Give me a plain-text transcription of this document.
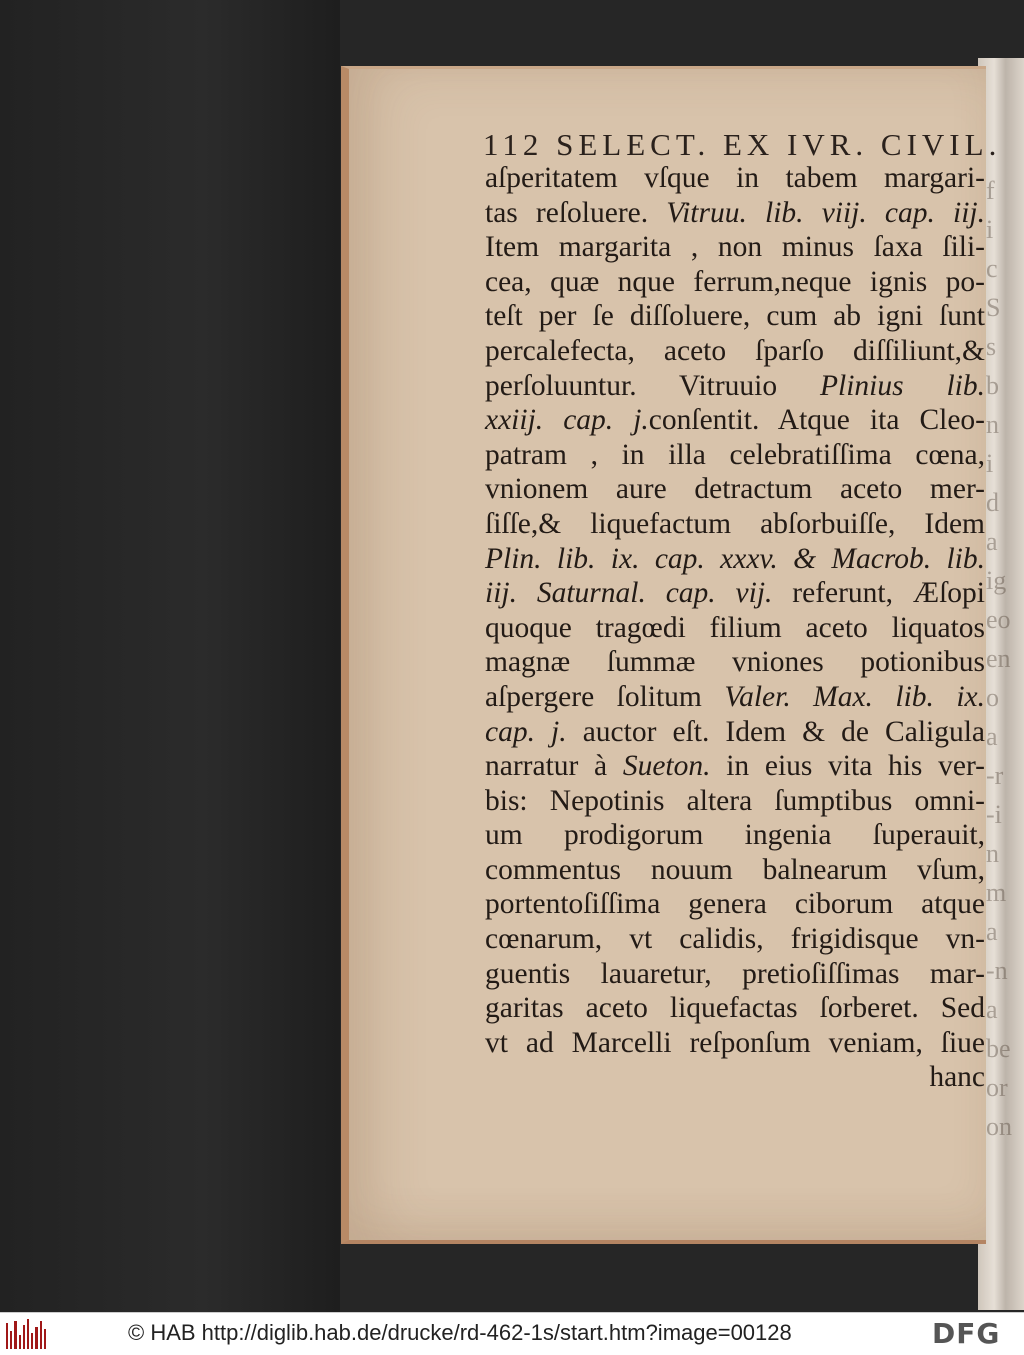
f
i
c
S
s
b
n
i
d
a
ig
eo
en
o
a
-r
-i
n
m
a
-n
a
be
or
on
112 SELECT. EX IVR. CIVIL.
aſperitatem vſque in tabem margari-
tas reſoluere. Vitruu. lib. viij. cap. iij.
Item margarita , non minus ſaxa ſili-
cea, quæ nque ferrum,neque ignis po-
teſt per ſe diſſoluere, cum ab igni ſunt
percalefecta, aceto ſparſo diſſiliunt,&
perſoluuntur. Vitruuio Plinius lib.
xxiij. cap. j.conſentit. Atque ita Cleo-
patram , in illa celebratiſſima cœna,
vnionem aure detractum aceto mer-
ſiſſe,& liquefactum abſorbuiſſe, Idem
Plin. lib. ix. cap. xxxv. & Macrob. lib.
iij. Saturnal. cap. vij. referunt, Æſopi
quoque tragœdi filium aceto liquatos
magnæ ſummæ vniones potionibus
aſpergere ſolitum Valer. Max. lib. ix.
cap. j. auctor eſt. Idem & de Caligula
narratur à Sueton. in eius vita his ver-
bis: Nepotinis altera ſumptibus omni-
um prodigorum ingenia ſuperauit,
commentus nouum balnearum vſum,
portentoſiſſima genera ciborum atque
cœnarum, vt calidis, frigidisque vn-
guentis lauaretur, pretioſiſſimas mar-
garitas aceto liquefactas ſorberet. Sed
vt ad Marcelli reſponſum veniam, ſiue
hanc
© HAB http://diglib.hab.de/drucke/rd-462-1s/start.htm?image=00128	DFG
